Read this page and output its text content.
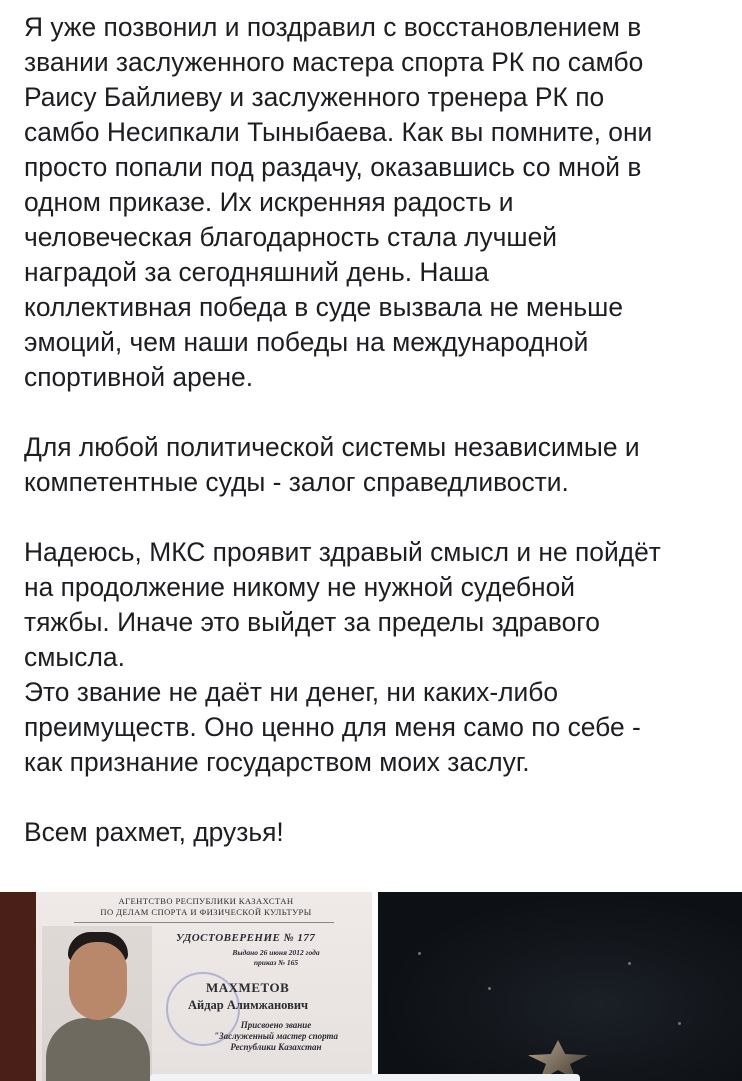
Я уже позвонил и поздравил с восстановлением в
звании заслуженного мастера спорта РК по самбо
Раису Байлиеву и заслуженного тренера РК по
самбо Несипкали Тыныбаева. Как вы помните, они
просто попали под раздачу, оказавшись со мной в
одном приказе. Их искренняя радость и
человеческая благодарность стала лучшей
наградой за сегодняшний день. Наша
коллективная победа в суде вызвала не меньше
эмоций, чем наши победы на международной
спортивной арене.

Для любой политической системы независимые и
компетентные суды - залог справедливости.

Надеюсь, МКС проявит здравый смысл и не пойдёт
на продолжение никому не нужной судебной
тяжбы. Иначе это выйдет за пределы здравого
смысла.
Это звание не даёт ни денег, ни каких-либо
преимуществ. Оно ценно для меня само по себе -
как признание государством моих заслуг.

Всем рахмет, друзья!

АГЕНТСТВО РЕСПУБЛИКИ КАЗАХСТАН
ПО ДЕЛАМ СПОРТА И ФИЗИЧЕСКОЙ КУЛЬТУРЫ
УДОСТОВЕРЕНИЕ № 177
Выдано 26 июня 2012 года
приказ № 165
МАХМЕТОВ
Айдар Алимжанович
Присвоено звание
"Заслуженный мастер спорта
Республики Казахстан
